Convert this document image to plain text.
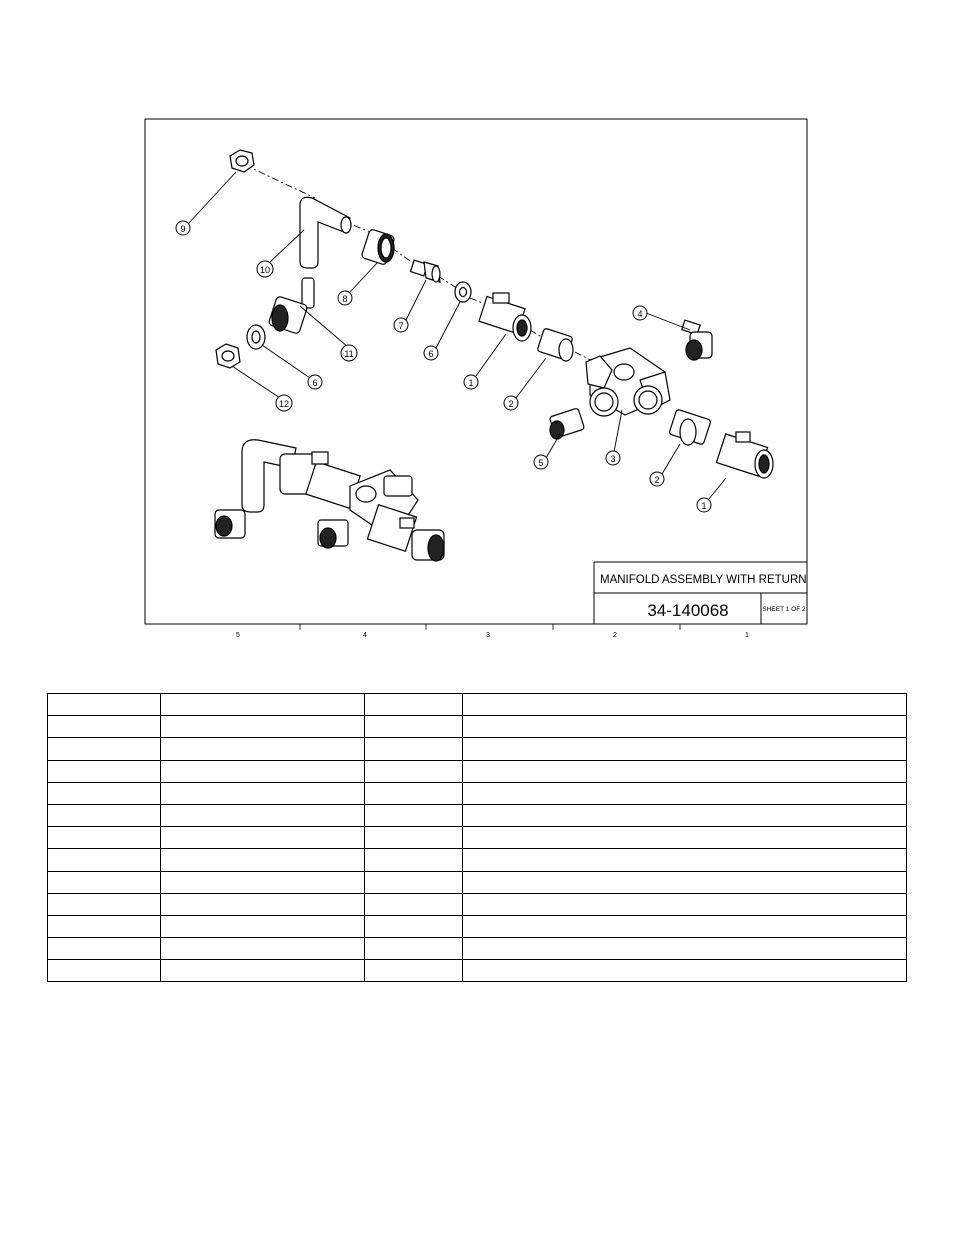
5	4	3	2	1
MANIFOLD ASSEMBLY WITH RETURN
34-140068	SHEET 1 OF 2
9
10
8
7
6
11
12
6	1
2
4
3
5
2
1
